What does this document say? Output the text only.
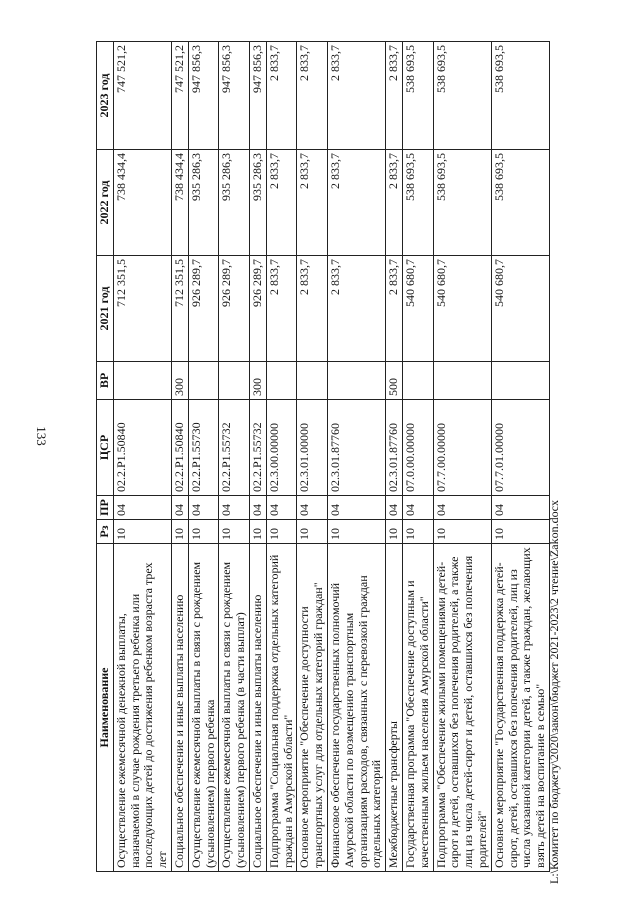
133
Наименование	Рз	ПР	ЦСР	ВР	2021 год	2022 год	2023 год
Осуществление ежемесячной денежной выплаты, назначаемой в случае рождения третьего ребенка или последующих детей до достижения ребенком возраста трех лет	10	04	02.2.P1.50840		712 351,5	738 434,4	747 521,2
Социальное обеспечение и иные выплаты населению	10	04	02.2.P1.50840	300	712 351,5	738 434,4	747 521,2
Осуществление ежемесячной выплаты в связи с рождением (усыновлением) первого ребенка	10	04	02.2.P1.55730		926 289,7	935 286,3	947 856,3
Осуществление ежемесячной выплаты в связи с рождением (усыновлением) первого ребенка (в части выплат)	10	04	02.2.P1.55732		926 289,7	935 286,3	947 856,3
Социальное обеспечение и иные выплаты населению	10	04	02.2.P1.55732	300	926 289,7	935 286,3	947 856,3
Подпрограмма "Социальная поддержка отдельных категорий граждан в Амурской области"	10	04	02.3.00.00000		2 833,7	2 833,7	2 833,7
Основное мероприятие "Обеспечение доступности транспортных услуг для отдельных категорий граждан"	10	04	02.3.01.00000		2 833,7	2 833,7	2 833,7
Финансовое обеспечение государственных полномочий Амурской области по возмещению транспортным организациям расходов, связанных с перевозкой граждан отдельных категорий	10	04	02.3.01.87760		2 833,7	2 833,7	2 833,7
Межбюджетные трансферты	10	04	02.3.01.87760	500	2 833,7	2 833,7	2 833,7
Государственная программа "Обеспечение доступным и качественным жильем населения Амурской области"	10	04	07.0.00.00000		540 680,7	538 693,5	538 693,5
Подпрограмма "Обеспечение жилыми помещениями детей-сирот и детей, оставшихся без попечения родителей, а также лиц из числа детей-сирот и детей, оставшихся без попечения родителей"	10	04	07.7.00.00000		540 680,7	538 693,5	538 693,5
Основное мероприятие "Государственная поддержка детей-сирот, детей, оставшихся без попечения родителей, лиц из числа указанной категории детей, а также граждан, желающих взять детей на воспитание в семью"	10	04	07.7.01.00000		540 680,7	538 693,5	538 693,5
L:\Комитет по бюджету\2020\закон\бюджет 2021-2023\2 чтение\Zakon.docx
